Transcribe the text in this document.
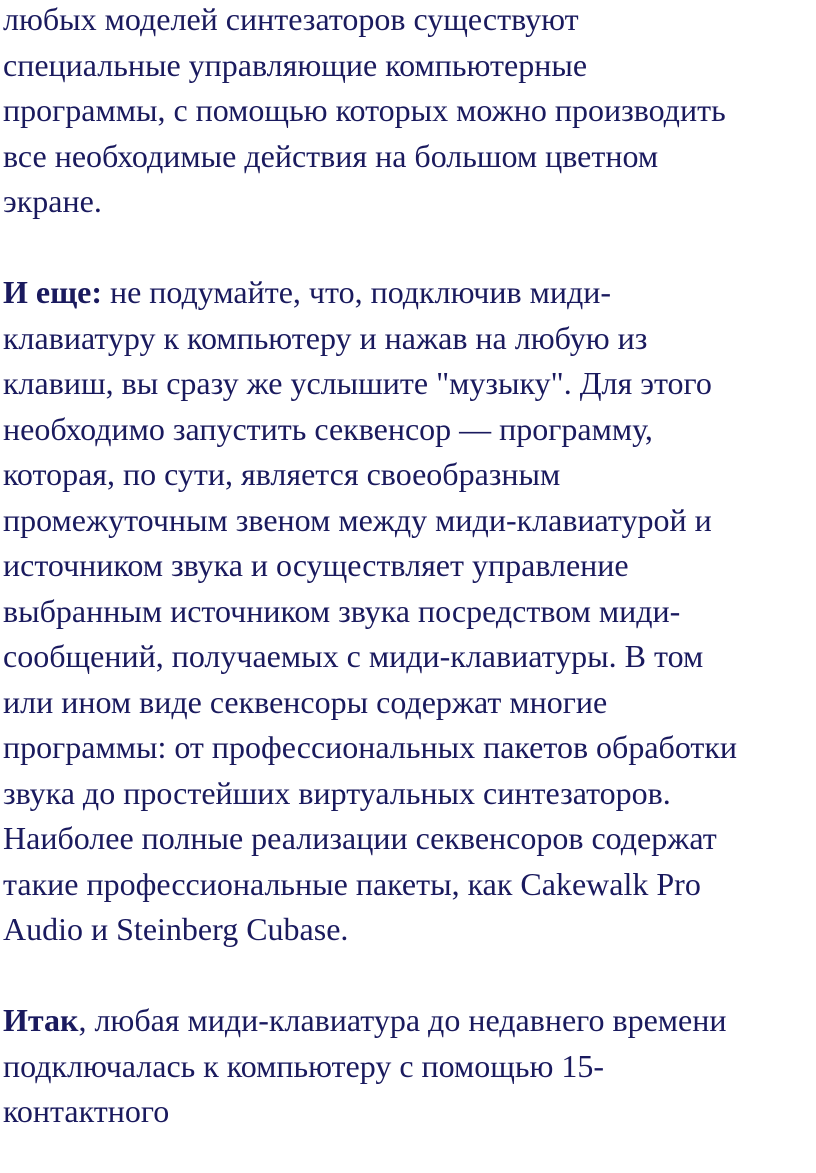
любых моделей синтезаторов существуют
специальные управляющие компьютерные
программы, с помощью которых можно производить
все необходимые действия на большом цветном
экране.
И еще: не подумайте, что, подключив миди-
клавиатуру к компьютеру и нажав на любую из
клавиш, вы сразу же услышите "музыку". Для этого
необходимо запустить секвенсор — программу,
которая, по сути, является своеобразным
промежуточным звеном между миди-клавиатурой и
источником звука и осуществляет управление
выбранным источником звука посредством миди-
сообщений, получаемых с миди-клавиатуры. В том
или ином виде секвенсоры содержат многие
программы: от профессиональных пакетов обработки
звука до простейших виртуальных синтезаторов.
Наиболее полные реализации секвенсоров содержат
такие профессиональные пакеты, как Cakewalk Pro
Audio и Steinberg Cubase.
Итак, любая миди-клавиатура до недавнего времени
подключалась к компьютеру с помощью 15-
контактного
